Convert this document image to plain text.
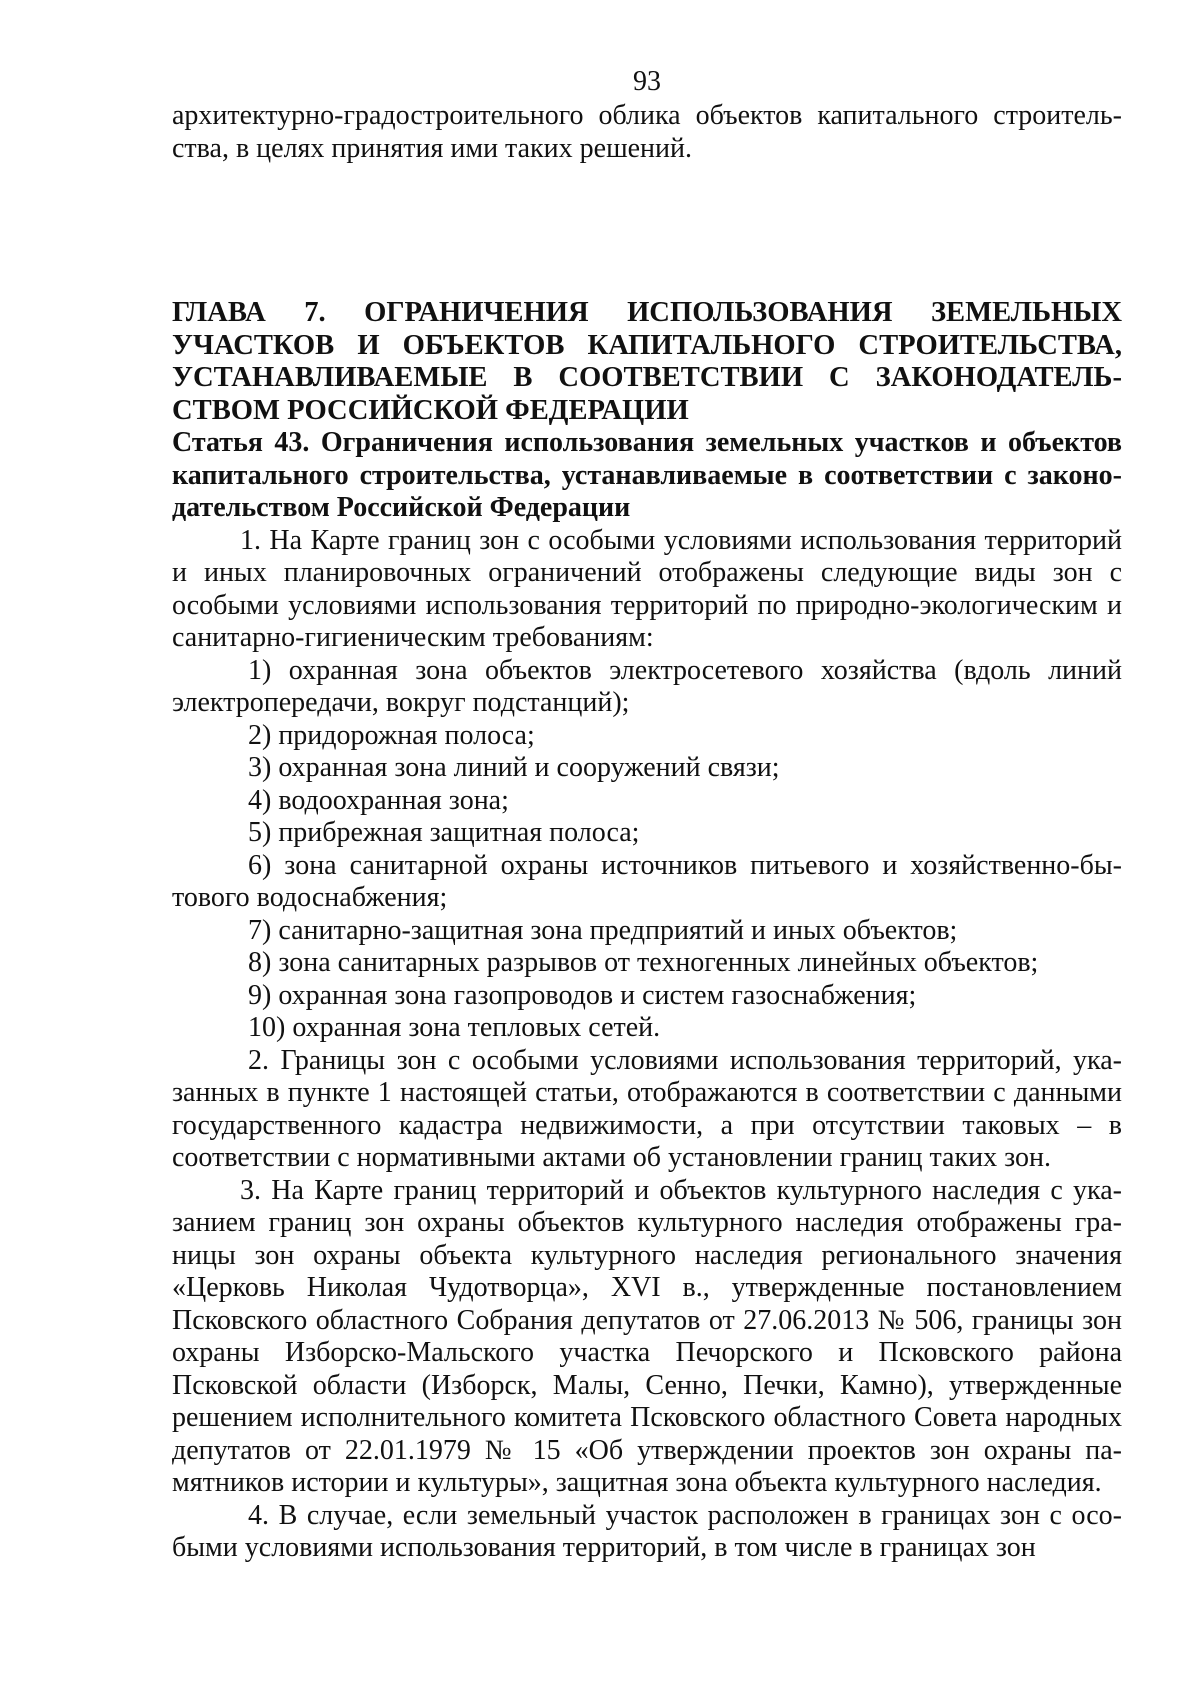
93

архитектурно-градостроительного облика объектов капитального строительства, в целях принятия ими таких решений.

ГЛАВА 7. ОГРАНИЧЕНИЯ ИСПОЛЬЗОВАНИЯ ЗЕМЕЛЬНЫХ УЧАСТКОВ И ОБЪЕКТОВ КАПИТАЛЬНОГО СТРОИТЕЛЬСТВА, УСТАНАВЛИВАЕМЫЕ В СООТВЕТСТВИИ С ЗАКОНОДАТЕЛЬСТВОМ РОССИЙСКОЙ ФЕДЕРАЦИИ

Статья 43. Ограничения использования земельных участков и объектов капитального строительства, устанавливаемые в соответствии с законодательством Российской Федерации

1. На Карте границ зон с особыми условиями использования территорий и иных планировочных ограничений отображены следующие виды зон с особыми условиями использования территорий по природно-экологическим и санитарно-гигиеническим требованиям:

1) охранная зона объектов электросетевого хозяйства (вдоль линий электропередачи, вокруг подстанций);

2) придорожная полоса;

3) охранная зона линий и сооружений связи;

4) водоохранная зона;

5) прибрежная защитная полоса;

6) зона санитарной охраны источников питьевого и хозяйственно-бытового водоснабжения;

7) санитарно-защитная зона предприятий и иных объектов;

8) зона санитарных разрывов от техногенных линейных объектов;

9) охранная зона газопроводов и систем газоснабжения;

10) охранная зона тепловых сетей.

2. Границы зон с особыми условиями использования территорий, указанных в пункте 1 настоящей статьи, отображаются в соответствии с данными государственного кадастра недвижимости, а при отсутствии таковых – в соответствии с нормативными актами об установлении границ таких зон.

3. На Карте границ территорий и объектов культурного наследия с указанием границ зон охраны объектов культурного наследия отображены границы зон охраны объекта культурного наследия регионального значения «Церковь Николая Чудотворца», XVI в., утвержденные постановлением Псковского областного Собрания депутатов от 27.06.2013 № 506, границы зон охраны Изборско-Мальского участка Печорского и Псковского района Псковской области (Изборск, Малы, Сенно, Печки, Камно), утвержденные решением исполнительного комитета Псковского областного Совета народных депутатов от 22.01.1979 № 15 «Об утверждении проектов зон охраны памятников истории и культуры», защитная зона объекта культурного наследия.

4. В случае, если земельный участок расположен в границах зон с особыми условиями использования территорий, в том числе в границах зон
